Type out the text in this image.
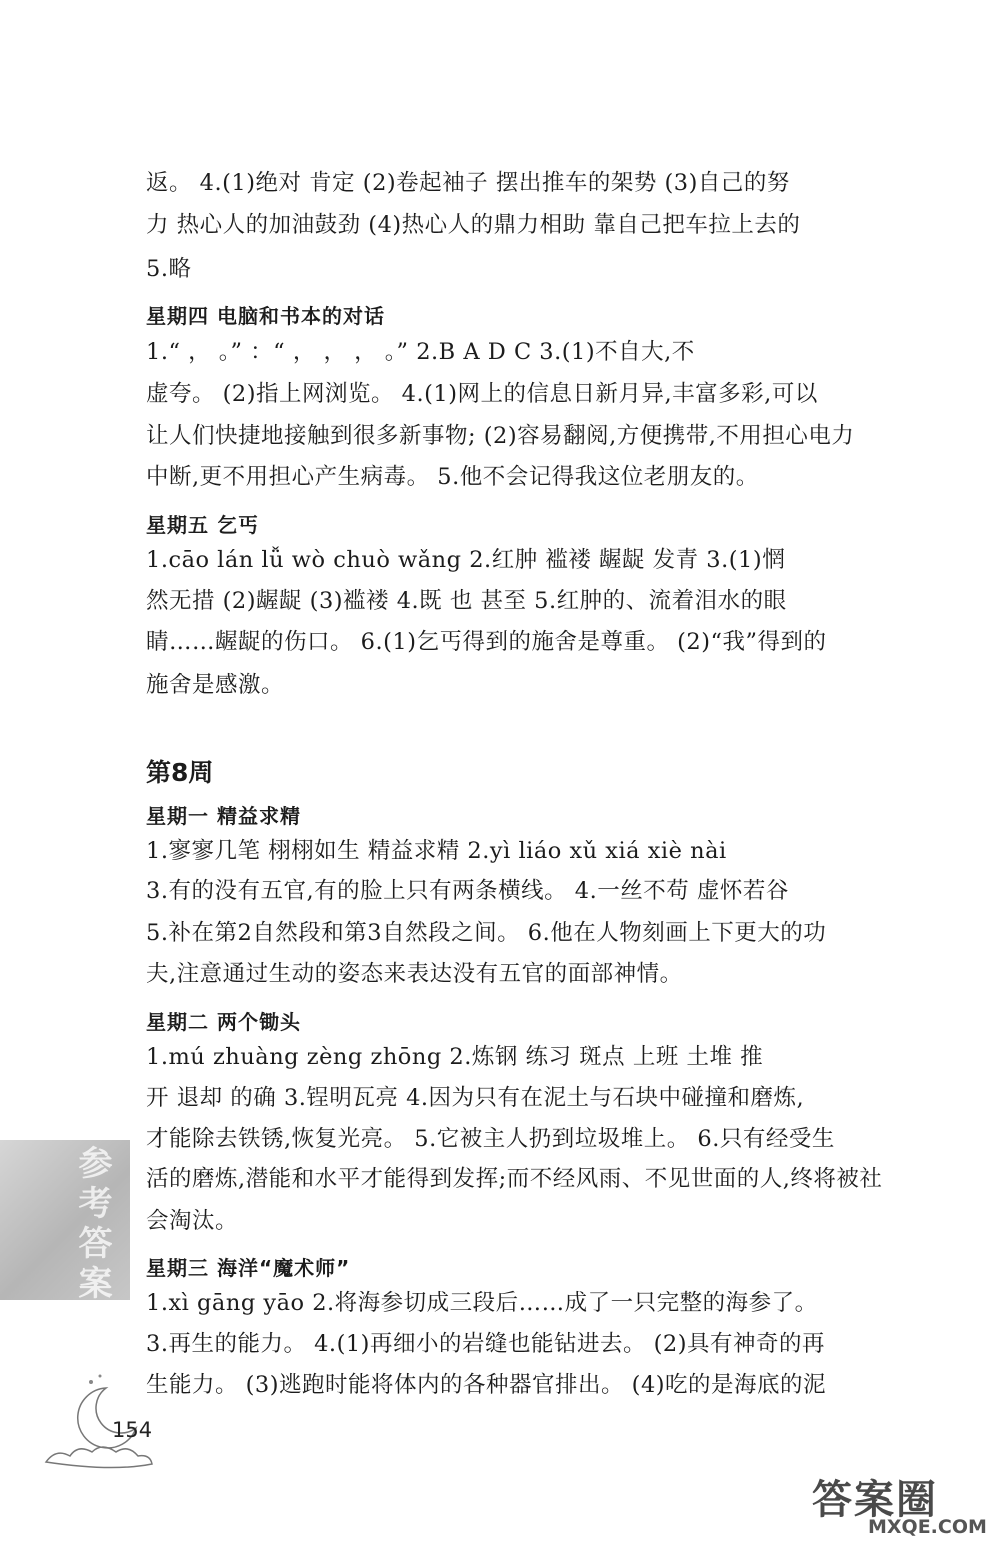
返。 4.(1)绝对 肯定 (2)卷起袖子 摆出推车的架势 (3)自己的努
力 热心人的加油鼓劲 (4)热心人的鼎力相助 靠自己把车拉上去的
5.略
星期四 电脑和书本的对话
1.“ ， 。” ：“ ， ， ， 。” 2.B A D C 3.(1)不自大,不
虚夸。 (2)指上网浏览。 4.(1)网上的信息日新月异,丰富多彩,可以
让人们快捷地接触到很多新事物; (2)容易翻阅,方便携带,不用担心电力
中断,更不用担心产生病毒。 5.他不会记得我这位老朋友的。
星期五 乞丐
1.cāo lán lǚ wò chuò wǎng 2.红肿 褴褛 龌龊 发青 3.(1)惘
然无措 (2)龌龊 (3)褴褛 4.既 也 甚至 5.红肿的、流着泪水的眼
睛……龌龊的伤口。 6.(1)乞丐得到的施舍是尊重。 (2)“我”得到的
施舍是感激。
第8周
星期一 精益求精
1.寥寥几笔 栩栩如生 精益求精 2.yì liáo xǔ xiá xiè nài
3.有的没有五官,有的脸上只有两条横线。 4.一丝不苟 虚怀若谷
5.补在第2自然段和第3自然段之间。 6.他在人物刻画上下更大的功
夫,注意通过生动的姿态来表达没有五官的面部神情。
星期二 两个锄头
1.mú zhuàng zèng zhōng 2.炼钢 练习 斑点 上班 土堆 推
开 退却 的确 3.锃明瓦亮 4.因为只有在泥土与石块中碰撞和磨炼,
才能除去铁锈,恢复光亮。 5.它被主人扔到垃圾堆上。 6.只有经受生
活的磨炼,潜能和水平才能得到发挥;而不经风雨、不见世面的人,终将被社
会淘汰。
星期三 海洋“魔术师”
1.xì gāng yāo 2.将海参切成三段后……成了一只完整的海参了。
3.再生的能力。 4.(1)再细小的岩缝也能钻进去。 (2)具有神奇的再
生能力。 (3)逃跑时能将体内的各种器官排出。 (4)吃的是海底的泥
参考答案
154
答案圈
MXQE.COM
